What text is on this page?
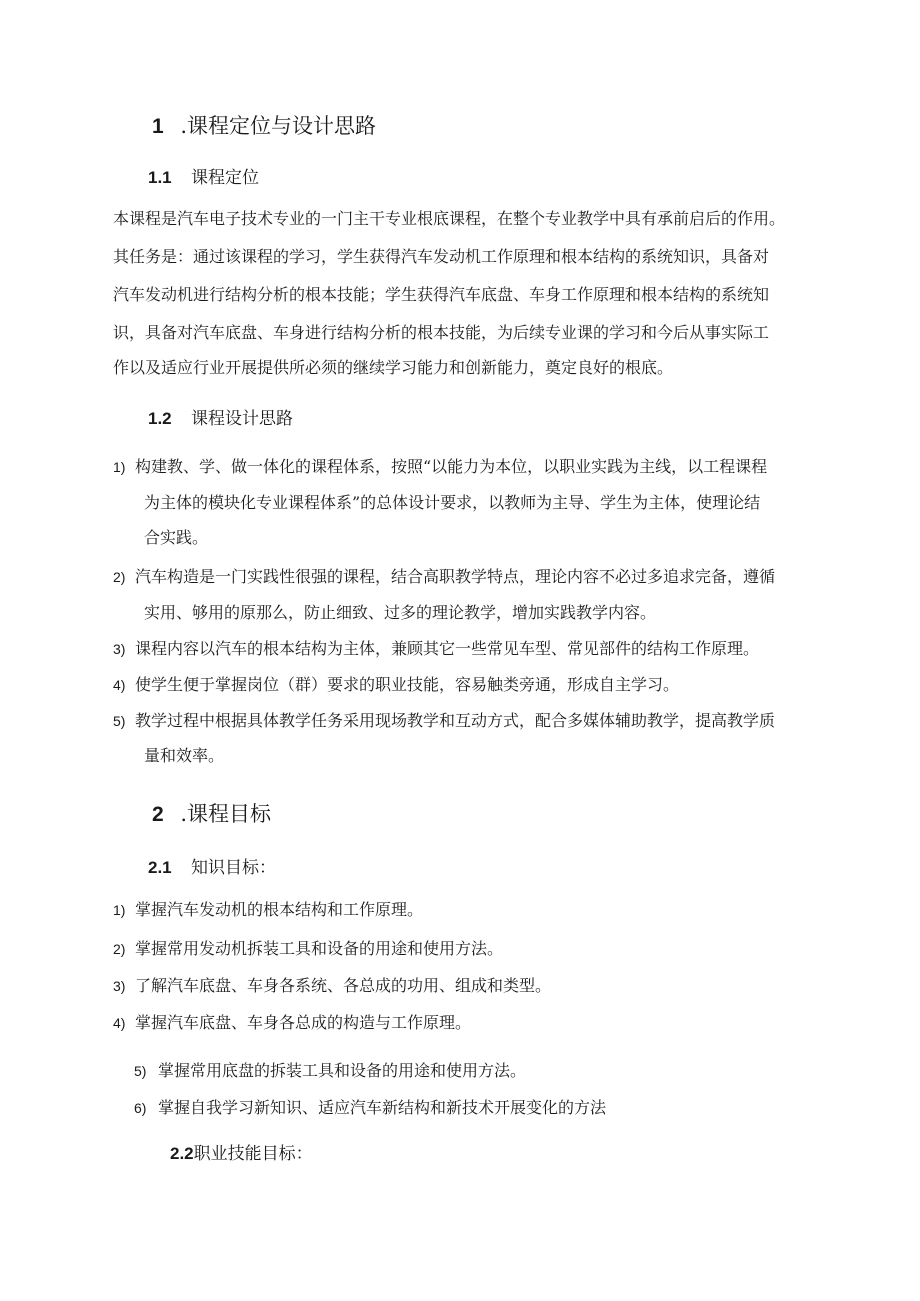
1 .课程定位与设计思路
1.1 课程定位

本课程是汽车电子技术专业的一门主干专业根底课程，在整个专业教学中具有承前启后的作用。

其任务是：通过该课程的学习，学生获得汽车发动机工作原理和根本结构的系统知识，具备对

汽车发动机进行结构分析的根本技能；学生获得汽车底盘、车身工作原理和根本结构的系统知

识，具备对汽车底盘、车身进行结构分析的根本技能，为后续专业课的学习和今后从事实际工

作以及适应行业开展提供所必须的继续学习能力和创新能力，奠定良好的根底。

1.2 课程设计思路
1) 构建教、学、做一体化的课程体系，按照“以能力为本位，以职业实践为主线，以工程课程

为主体的模块化专业课程体系”的总体设计要求，以教师为主导、学生为主体，使理论结

合实践。

2) 汽车构造是一门实践性很强的课程，结合高职教学特点，理论内容不必过多追求完备，遵循

实用、够用的原那么，防止细致、过多的理论教学，增加实践教学内容。

3) 课程内容以汽车的根本结构为主体，兼顾其它一些常见车型、常见部件的结构工作原理。
4) 使学生便于掌握岗位（群）要求的职业技能，容易触类旁通，形成自主学习。
5) 教学过程中根据具体教学任务采用现场教学和互动方式，配合多媒体辅助教学，提高教学质

量和效率。

2 .课程目标
2.1 知识目标：
1) 掌握汽车发动机的根本结构和工作原理。
2) 掌握常用发动机拆装工具和设备的用途和使用方法。
3) 了解汽车底盘、车身各系统、各总成的功用、组成和类型。
4) 掌握汽车底盘、车身各总成的构造与工作原理。
5) 掌握常用底盘的拆装工具和设备的用途和使用方法。
6) 掌握自我学习新知识、适应汽车新结构和新技术开展变化的方法
2.2职业技能目标：
